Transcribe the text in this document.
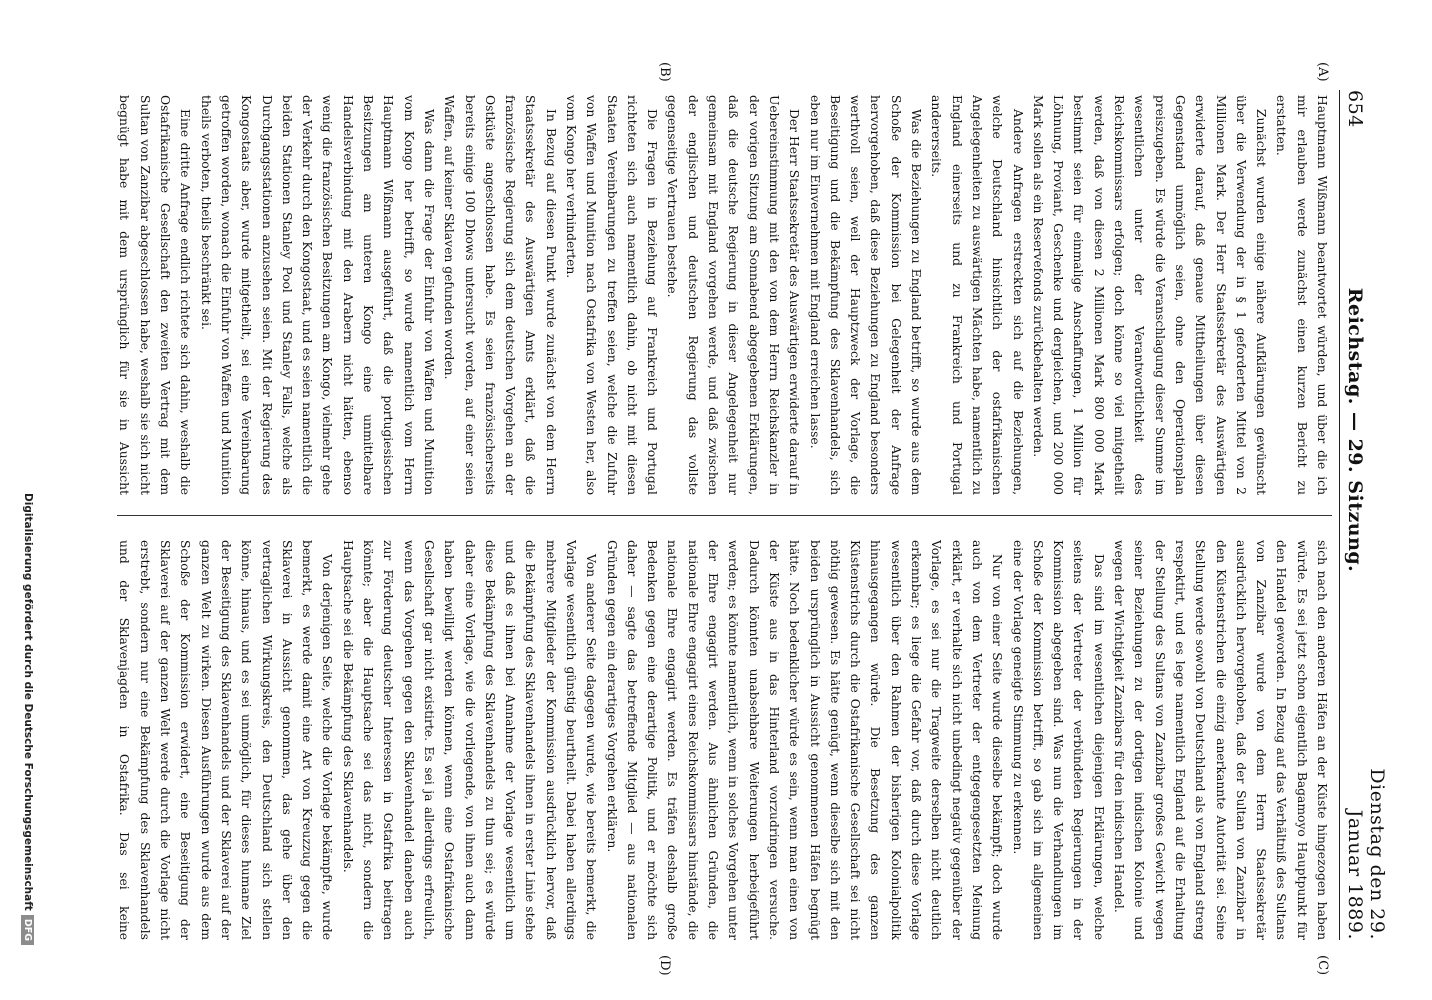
654
Reichstag. — 29. Sitzung.
Dienstag den 29. Januar 1889.
(A)
(B)
(C)
(D)

Hauptmann Wißmann beantwortet würden, und über die ich mir erlauben werde zunächst einen kurzen Bericht zu erstatten.

Zunächst wurden einige nähere Aufklärungen gewünscht über die Verwendung der in § 1 geforderten Mittel von 2 Millionen Mark. Der Herr Staatssekretär des Auswärtigen erwiderte darauf, daß genaue Mittheilungen über diesen Gegenstand unmöglich seien, ohne den Operationsplan preiszugeben. Es würde die Veranschlagung dieser Summe im wesentlichen unter der Verantwortlichkeit des Reichskommissars erfolgen; doch könne so viel mitgetheilt werden, daß von diesen 2 Millionen Mark 800 000 Mark bestimmt seien für einmalige Anschaffungen, 1 Million für Löhnung, Proviant, Geschenke und dergleichen, und 200 000 Mark sollen als ein Reservefonds zurückbehalten werden.

Andere Anfragen erstreckten sich auf die Beziehungen, welche Deutschland hinsichtlich der ostafrikanischen Angelegenheiten zu auswärtigen Mächten habe, namentlich zu England einerseits und zu Frankreich und Portugal andererseits.

Was die Beziehungen zu England betrifft, so wurde aus dem Schoße der Kommission bei Gelegenheit der Anfrage hervorgehoben, daß diese Beziehungen zu England besonders werthvoll seien, weil der Hauptzweck der Vorlage, die Beseitigung und die Bekämpfung des Sklavenhandels, sich eben nur im Einvernehmen mit England erreichen lasse.

Der Herr Staatssekretär des Auswärtigen erwiderte darauf in Uebereinstimmung mit den von dem Herrn Reichskanzler in der vorigen Sitzung am Sonnabend abgegebenen Erklärungen, daß die deutsche Regierung in dieser Angelegenheit nur gemeinsam mit England vorgehen werde, und daß zwischen der englischen und deutschen Regierung das vollste gegenseitige Vertrauen bestehe.

Die Fragen in Beziehung auf Frankreich und Portugal richteten sich auch namentlich dahin, ob nicht mit diesen Staaten Vereinbarungen zu treffen seien, welche die Zufuhr von Waffen und Munition nach Ostafrika von Westen her, also vom Kongo her verhinderten.

In Bezug auf diesen Punkt wurde zunächst von dem Herrn Staatssekretär des Auswärtigen Amts erklärt, daß die französische Regierung sich dem deutschen Vorgehen an der Ostküste angeschlossen habe. Es seien französischerseits bereits einige 100 Dhows untersucht worden, auf einer seien Waffen, auf keiner Sklaven gefunden worden.

Was dann die Frage der Einfuhr von Waffen und Munition vom Kongo her betrifft, so wurde namentlich vom Herrn Hauptmann Wißmann ausgeführt, daß die portugiesischen Besitzungen am unteren Kongo eine unmittelbare Handelsverbindung mit den Arabern nicht hätten, ebenso wenig die französischen Besitzungen am Kongo, vielmehr gehe der Verkehr durch den Kongostaat, und es seien namentlich die beiden Stationen Stanley Pool und Stanley Falls, welche als Durchgangsstationen anzusehen seien. Mit der Regierung des Kongostaats aber, wurde mitgetheilt, sei eine Vereinbarung getroffen worden, wonach die Einfuhr von Waffen und Munition theils verboten, theils beschränkt sei.

Eine dritte Anfrage endlich richtete sich dahin, weshalb die Ostafrikanische Gesellschaft den zweiten Vertrag mit dem Sultan von Zanzibar abgeschlossen habe, weshalb sie sich nicht begnügt habe mit dem ursprünglich für sie in Aussicht

sich nach den anderen Häfen an der Küste hingezogen haben würde. Es sei jetzt schon eigentlich Bagamoyo Hauptpunkt für den Handel geworden. In Bezug auf das Verhältniß des Sultans von Zanzibar wurde von dem Herrn Staatssekretär ausdrücklich hervorgehoben, daß der Sultan von Zanzibar in den Küstenstrichen die einzig anerkannte Autorität sei. Seine Stellung werde sowohl von Deutschland als von England streng respektirt, und es lege namentlich England auf die Erhaltung der Stellung des Sultans von Zanzibar großes Gewicht wegen seiner Beziehungen zu der dortigen indischen Kolonie und wegen der Wichtigkeit Zanzibars für den indischen Handel.

Das sind im wesentlichen diejenigen Erklärungen, welche seitens der Vertreter der verbündeten Regierungen in der Kommission abgegeben sind. Was nun die Verhandlungen im Schoße der Kommission betrifft, so gab sich im allgemeinen eine der Vorlage geneigte Stimmung zu erkennen.

Nur von einer Seite wurde dieselbe bekämpft; doch wurde auch von dem Vertreter der entgegengesetzten Meinung erklärt, er verhalte sich nicht unbedingt negativ gegenüber der Vorlage, es sei nur die Tragweite derselben nicht deutlich erkennbar; es liege die Gefahr vor, daß durch diese Vorlage wesentlich über den Rahmen der bisherigen Kolonialpolitik hinausgegangen würde. Die Besetzung des ganzen Küstenstrichs durch die Ostafrikanische Gesellschaft sei nicht nöthig gewesen. Es hätte genügt, wenn dieselbe sich mit den beiden ursprünglich in Aussicht genommenen Häfen begnügt hätte. Noch bedenklicher würde es sein, wenn man einen von der Küste aus in das Hinterland vorzudringen versuche. Dadurch könnten unabsehbare Weiterungen herbeigeführt werden; es könnte namentlich, wenn in solches Vorgehen unter der Ehre engagirt werden. Aus ähnlichen Gründen, die nationale Ehre engagirt eines Reichskommissars hinstände, die nationale Ehre engagirt werden. Es träfen deshalb große Bedenken gegen eine derartige Politik, und er möchte sich daher — sagte das betreffende Mitglied — aus nationalen Gründen gegen ein derartiges Vorgehen erklären.

Von anderer Seite dagegen wurde, wie bereits bemerkt, die Vorlage wesentlich günstig beurtheilt. Dabei haben allerdings mehrere Mitglieder der Kommission ausdrücklich hervor, daß die Bekämpfung des Sklavenhandels ihnen in erster Linie stehe und daß es ihnen bei Annahme der Vorlage wesentlich um diese Bekämpfung des Sklavenhandels zu thun sei; es würde daher eine Vorlage, wie die vorliegende, von ihnen auch dann haben bewilligt werden können, wenn eine Ostafrikanische Gesellschaft gar nicht existirte. Es sei ja allerdings erfreulich, wenn das Vorgehen gegen den Sklavenhandel daneben auch zur Förderung deutscher Interessen in Ostafrika beitragen könnte; aber die Hauptsache sei das nicht, sondern die Hauptsache sei die Bekämpfung des Sklavenhandels.

Von derjenigen Seite, welche die Vorlage bekämpfte, wurde bemerkt, es werde damit eine Art von Kreuzzug gegen die Sklaverei in Aussicht genommen, das gehe über den vertraglichen Wirkungskreis, den Deutschland sich stellen könne, hinaus, und es sei unmöglich, für dieses humane Ziel der Beseitigung des Sklavenhandels und der Sklaverei auf der ganzen Welt zu wirken. Diesen Ausführungen wurde aus dem Schoße der Kommission erwidert, eine Beseitigung der Sklaverei auf der ganzen Welt werde durch die Vorlage nicht erstrebt, sondern nur eine Bekämpfung des Sklavenhandels und der Sklavenjagden in Ostafrika. Das sei keine

Digitalisierung gefördert durch die Deutsche ForschungsgemeinschaftDFG
